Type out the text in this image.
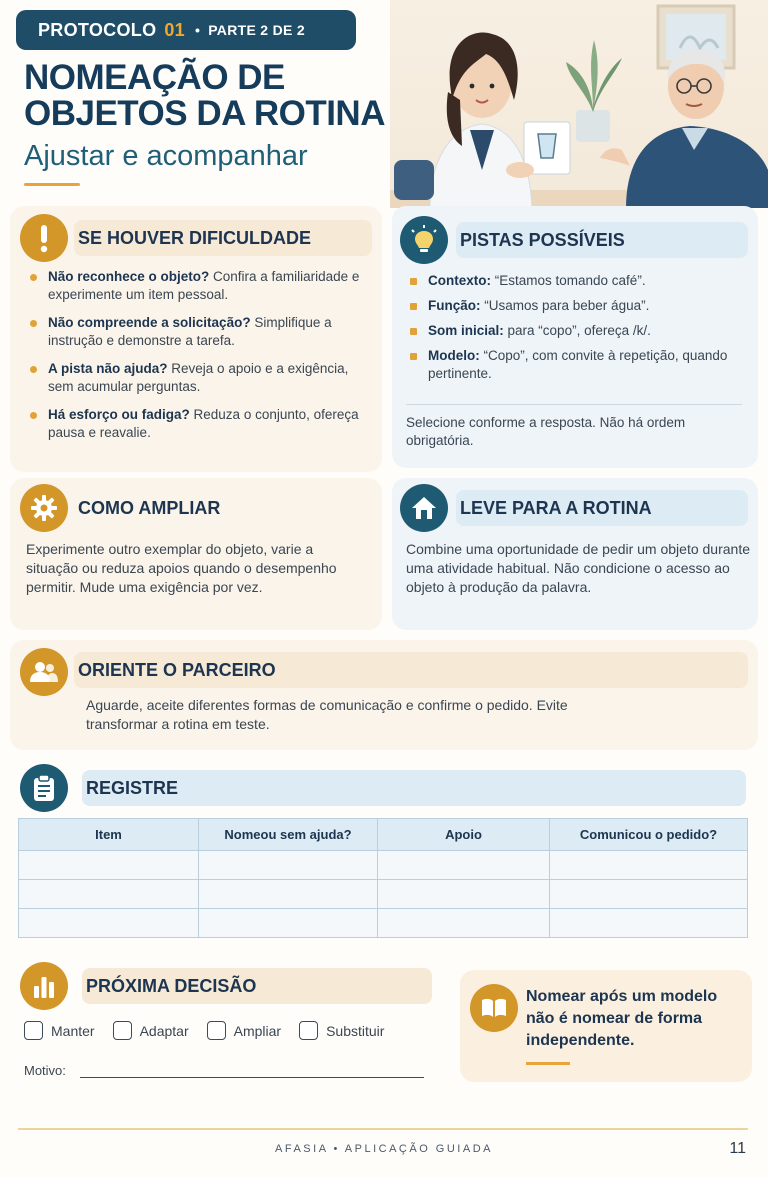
PROTOCOLO 01 • PARTE 2 DE 2
NOMEAÇÃO DE OBJETOS DA ROTINA
Ajustar e acompanhar
SE HOUVER DIFICULDADE
Não reconhece o objeto? Confira a familiaridade e experimente um item pessoal.
Não compreende a solicitação? Simplifique a instrução e demonstre a tarefa.
A pista não ajuda? Reveja o apoio e a exigência, sem acumular perguntas.
Há esforço ou fadiga? Reduza o conjunto, ofereça pausa e reavalie.
PISTAS POSSÍVEIS
Contexto: “Estamos tomando café”.
Função: “Usamos para beber água”.
Som inicial: para “copo”, ofereça /k/.
Modelo: “Copo”, com convite à repetição, quando pertinente.
Selecione conforme a resposta. Não há ordem obrigatória.
COMO AMPLIAR
Experimente outro exemplar do objeto, varie a situação ou reduza apoios quando o desempenho permitir. Mude uma exigência por vez.
LEVE PARA A ROTINA
Combine uma oportunidade de pedir um objeto durante uma atividade habitual. Não condicione o acesso ao objeto à produção da palavra.
ORIENTE O PARCEIRO
Aguarde, aceite diferentes formas de comunicação e confirme o pedido. Evite transformar a rotina em teste.
REGISTRE
Item	Nomeou sem ajuda?	Apoio	Comunicou o pedido?

PRÓXIMA DECISÃO
Manter	Adaptar	Ampliar	Substituir
Motivo:
Nomear após um modelo não é nomear de forma independente.
AFASIA • APLICAÇÃO GUIADA	11
